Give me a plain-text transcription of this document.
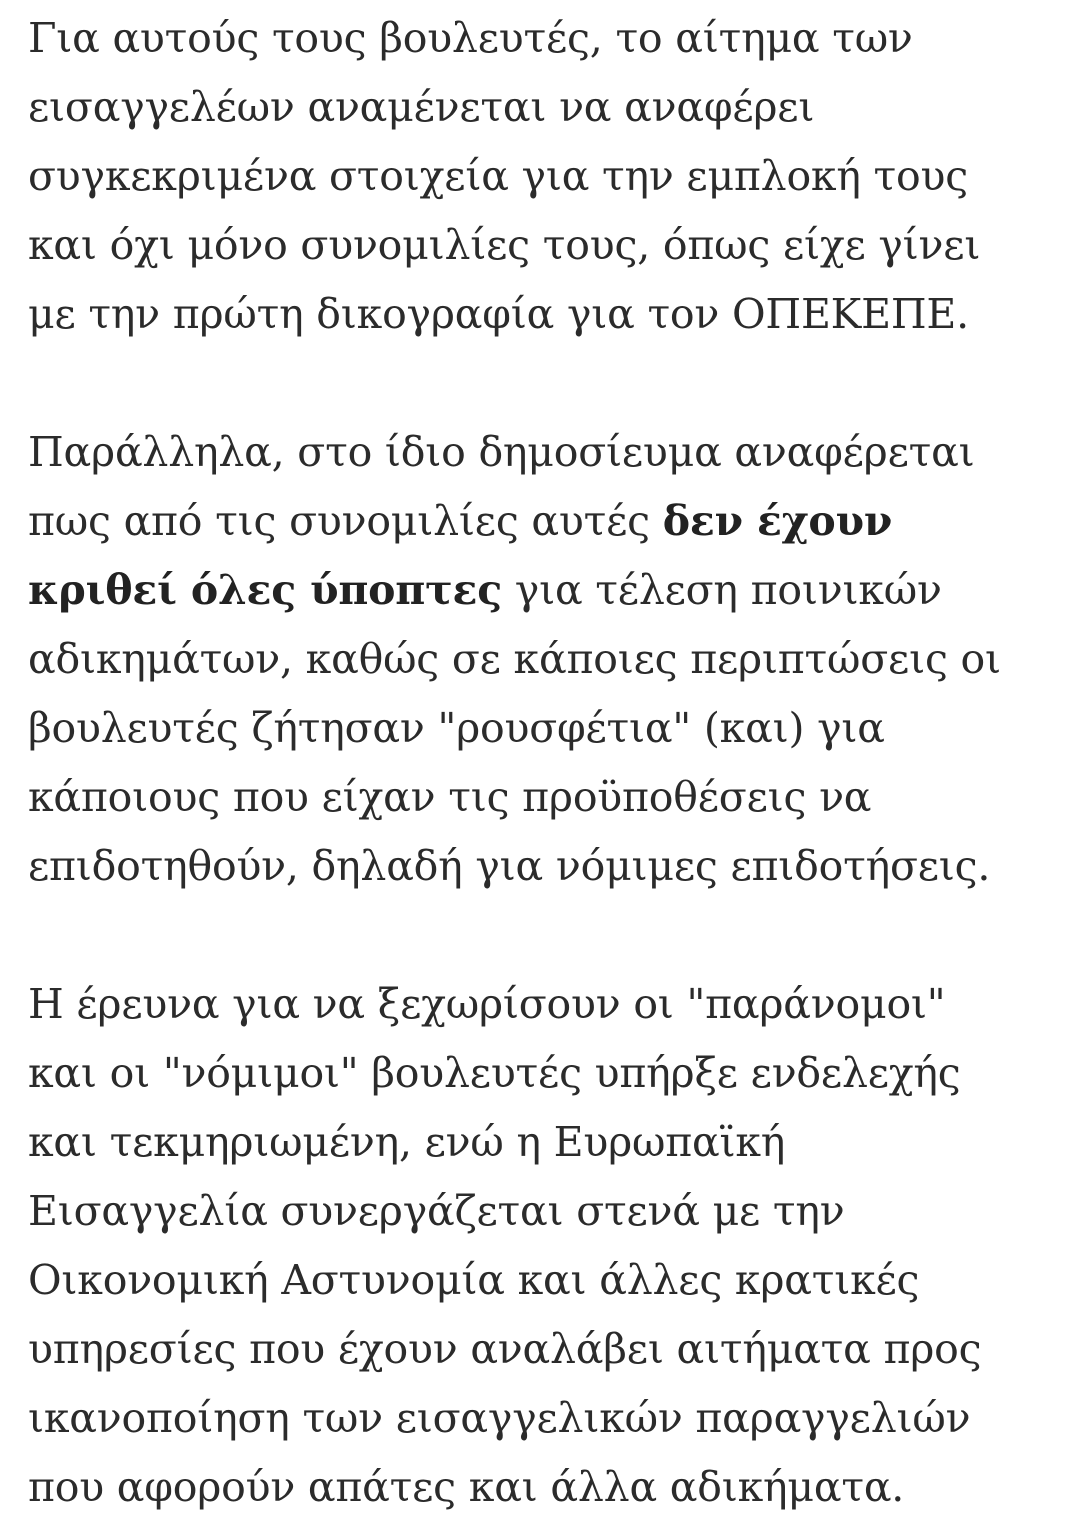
Για αυτούς τους βουλευτές, το αίτημα των
εισαγγελέων αναμένεται να αναφέρει
συγκεκριμένα στοιχεία για την εμπλοκή τους
και όχι μόνο συνομιλίες τους, όπως είχε γίνει
με την πρώτη δικογραφία για τον ΟΠΕΚΕΠΕ.

Παράλληλα, στο ίδιο δημοσίευμα αναφέρεται
πως από τις συνομιλίες αυτές δεν έχουν
κριθεί όλες ύποπτες για τέλεση ποινικών
αδικημάτων, καθώς σε κάποιες περιπτώσεις οι
βουλευτές ζήτησαν "ρουσφέτια" (και) για
κάποιους που είχαν τις προϋποθέσεις να
επιδοτηθούν, δηλαδή για νόμιμες επιδοτήσεις.

Η έρευνα για να ξεχωρίσουν οι "παράνομοι"
και οι "νόμιμοι" βουλευτές υπήρξε ενδελεχής
και τεκμηριωμένη, ενώ η Ευρωπαϊκή
Εισαγγελία συνεργάζεται στενά με την
Οικονομική Αστυνομία και άλλες κρατικές
υπηρεσίες που έχουν αναλάβει αιτήματα προς
ικανοποίηση των εισαγγελικών παραγγελιών
που αφορούν απάτες και άλλα αδικήματα.
